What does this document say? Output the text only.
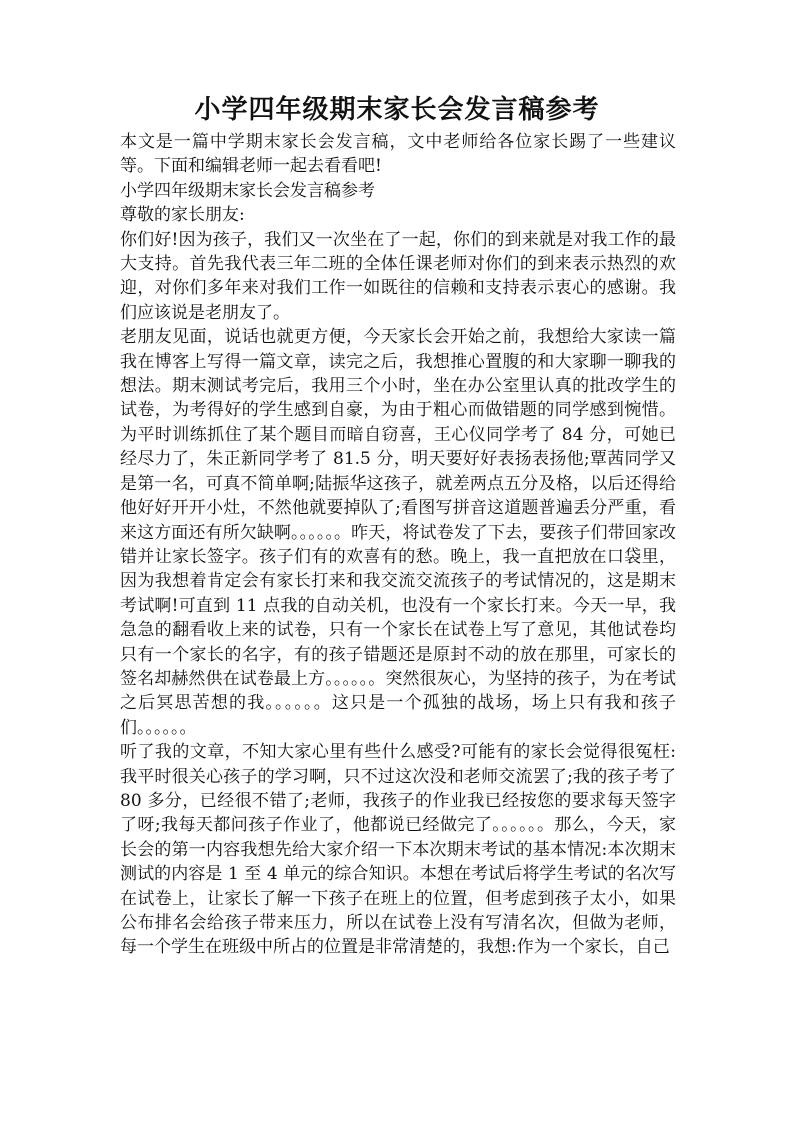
小学四年级期末家长会发言稿参考

本文是一篇中学期末家长会发言稿，文中老师给各位家长踢了一些建议等。下面和编辑老师一起去看看吧!

小学四年级期末家长会发言稿参考

尊敬的家长朋友:

你们好!因为孩子，我们又一次坐在了一起，你们的到来就是对我工作的最大支持。首先我代表三年二班的全体任课老师对你们的到来表示热烈的欢迎，对你们多年来对我们工作一如既往的信赖和支持表示衷心的感谢。我们应该说是老朋友了。

老朋友见面，说话也就更方便，今天家长会开始之前，我想给大家读一篇我在博客上写得一篇文章，读完之后，我想推心置腹的和大家聊一聊我的想法。期末测试考完后，我用三个小时，坐在办公室里认真的批改学生的试卷，为考得好的学生感到自豪，为由于粗心而做错题的同学感到惋惜。为平时训练抓住了某个题目而暗自窃喜，王心仪同学考了 84 分，可她已经尽力了，朱正新同学考了 81.5 分，明天要好好表扬表扬他;覃茜同学又是第一名，可真不简单啊;陆振华这孩子，就差两点五分及格，以后还得给他好好开开小灶，不然他就要掉队了;看图写拼音这道题普遍丢分严重，看来这方面还有所欠缺啊。。。。。。昨天，将试卷发了下去，要孩子们带回家改错并让家长签字。孩子们有的欢喜有的愁。晚上，我一直把放在口袋里，因为我想着肯定会有家长打来和我交流交流孩子的考试情况的，这是期末考试啊!可直到 11 点我的自动关机，也没有一个家长打来。今天一早，我急急的翻看收上来的试卷，只有一个家长在试卷上写了意见，其他试卷均只有一个家长的名字，有的孩子错题还是原封不动的放在那里，可家长的签名却赫然供在试卷最上方。。。。。。突然很灰心，为坚持的孩子，为在考试之后冥思苦想的我。。。。。。这只是一个孤独的战场，场上只有我和孩子们。。。。。。

听了我的文章，不知大家心里有些什么感受?可能有的家长会觉得很冤枉:我平时很关心孩子的学习啊，只不过这次没和老师交流罢了;我的孩子考了 80 多分，已经很不错了;老师，我孩子的作业我已经按您的要求每天签字了呀;我每天都问孩子作业了，他都说已经做完了。。。。。。那么，今天，家长会的第一内容我想先给大家介绍一下本次期末考试的基本情况:本次期末测试的内容是 1 至 4 单元的综合知识。本想在考试后将学生考试的名次写在试卷上，让家长了解一下孩子在班上的位置，但考虑到孩子太小，如果公布排名会给孩子带来压力，所以在试卷上没有写清名次，但做为老师，每一个学生在班级中所占的位置是非常清楚的，我想:作为一个家长，自己
